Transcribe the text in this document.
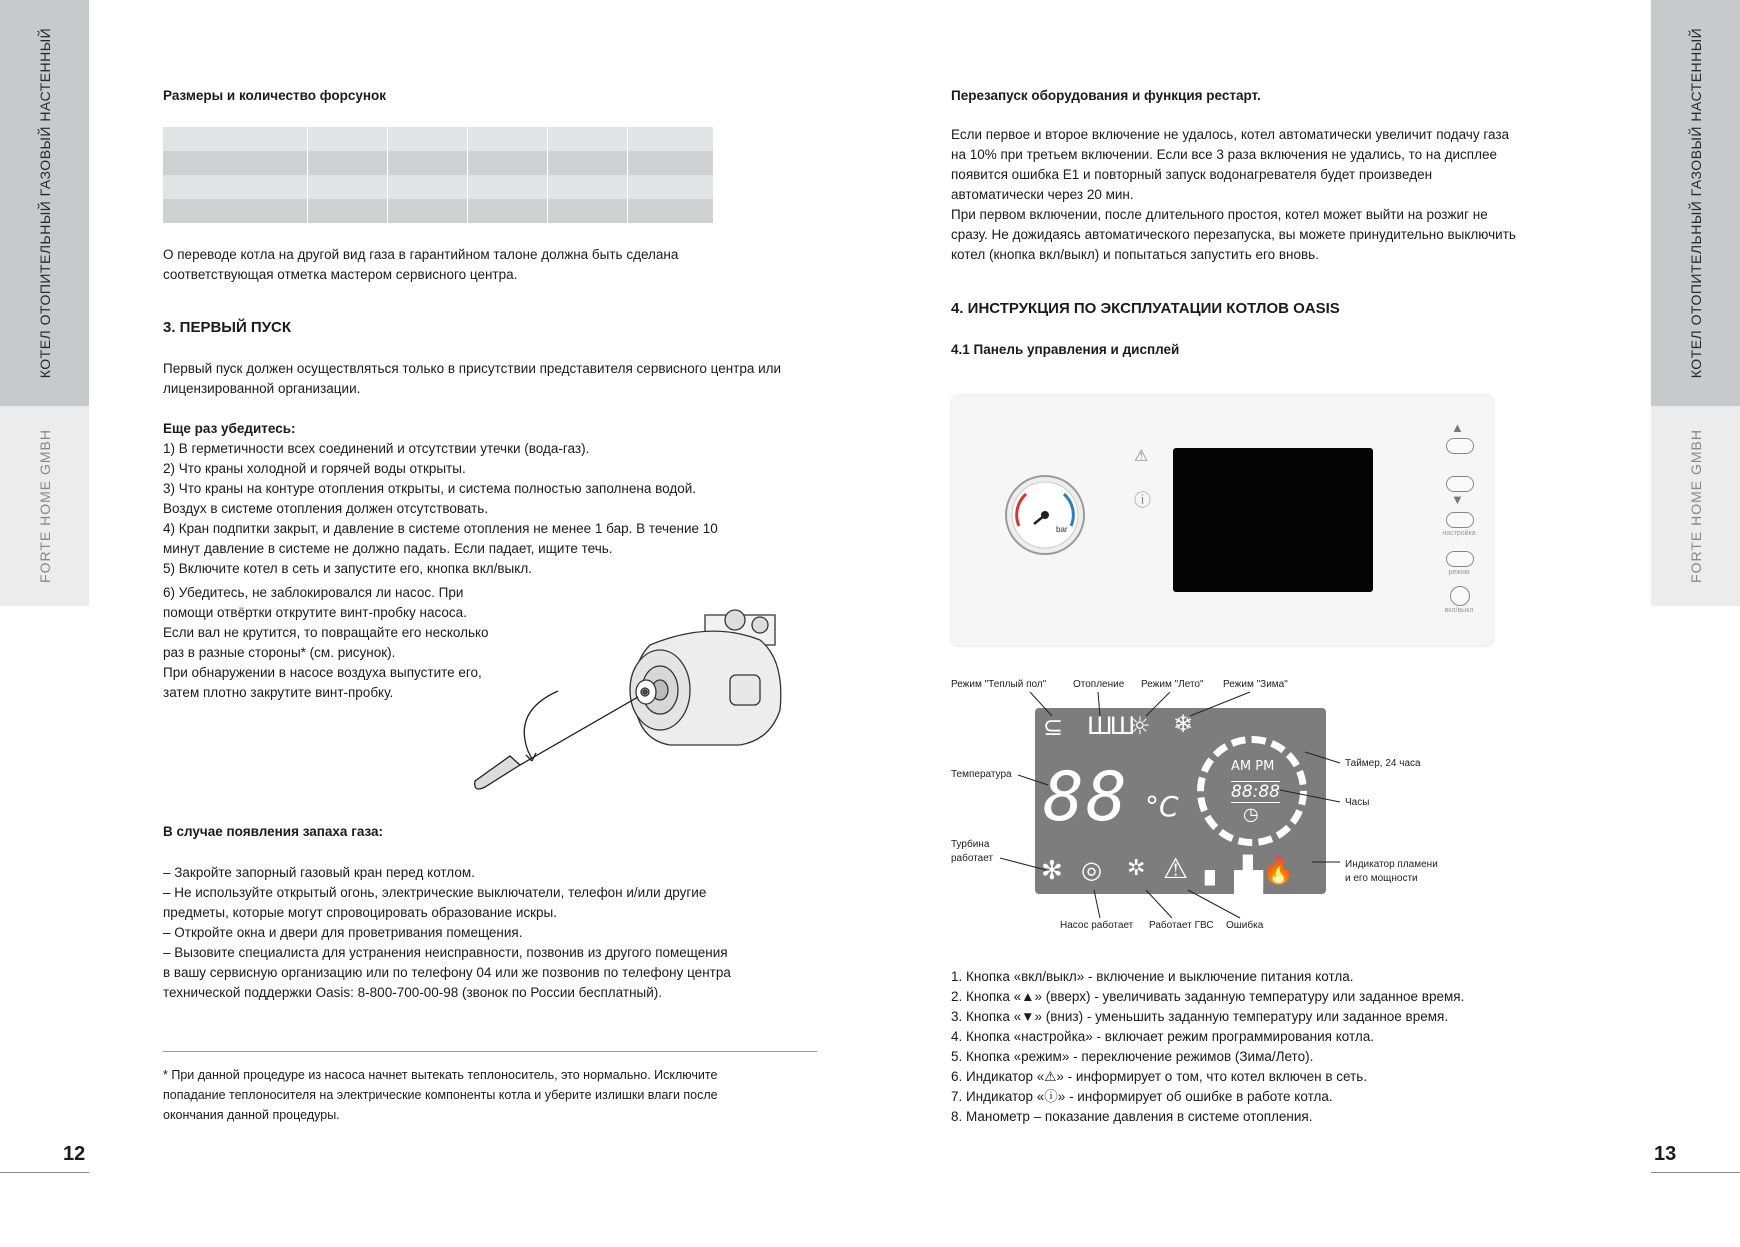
КОТЕЛ ОТОПИТЕЛЬНЫЙ ГАЗОВЫЙ НАСТЕННЫЙ
FORTE HOME GMBH
12
КОТЕЛ ОТОПИТЕЛЬНЫЙ ГАЗОВЫЙ НАСТЕННЫЙ
FORTE HOME GMBH
13
Размеры и количество форсунок

О переводе котла на другой вид газа в гарантийном талоне должна быть сделана соответствующая отметка мастером сервисного центра.
3. ПЕРВЫЙ ПУСК
Первый пуск должен осуществляться только в присутствии представителя сервисного центра или лицензированной организации.

Еще раз убедитесь:

1) В герметичности всех соединений и отсутствии утечки (вода-газ).

2) Что краны холодной и горячей воды открыты.

3) Что краны на контуре отопления открыты, и система полностью заполнена водой.

Воздух в системе отопления должен отсутствовать.

4) Кран подпитки закрыт, и давление в системе отопления не менее 1 бар. В течение 10

минут давление в системе не должно падать. Если падает, ищите течь.

5) Включите котел в сеть и запустите его, кнопка вкл/выкл.

6) Убедитесь, не заблокировался ли насос. При

помощи отвёртки открутите винт-пробку насоса.

Если вал не крутится, то повращайте его несколько

раз в разные стороны* (см. рисунок).

При обнаружении в насосе воздуха выпустите его,

затем плотно закрутите винт-пробку.

В случае появления запаха газа:

– Закройте запорный газовый кран перед котлом.

– Не используйте открытый огонь, электрические выключатели, телефон и/или другие

предметы, которые могут спровоцировать образование искры.

– Откройте окна и двери для проветривания помещения.

– Вызовите специалиста для устранения неисправности, позвонив из другого помещения

в вашу сервисную организацию или по телефону 04 или же позвонив по телефону центра

технической поддержки Oasis: 8-800-700-00-98 (звонок по России бесплатный).

* При данной процедуре из насоса начнет вытекать теплоноситель, это нормально. Исключите

попадание теплоносителя на электрические компоненты котла и уберите излишки влаги после

окончания данной процедуры.

Перезапуск оборудования и функция рестарт.

Если первое и второе включение не удалось, котел автоматически увеличит подачу газа

на 10% при третьем включении. Если все 3 раза включения не удались, то на дисплее

появится ошибка Е1 и повторный запуск водонагревателя будет произведен

автоматически через 20 мин.

При первом включении, после длительного простоя, котел может выйти на розжиг не

сразу. Не дожидаясь автоматического перезапуска, вы можете принудительно выключить

котел (кнопка вкл/выкл) и попытаться запустить его вновь.

4. ИНСТРУКЦИЯ ПО ЭКСПЛУАТАЦИИ КОТЛОВ OASIS
4.1 Панель управления и дисплей
bar
⚠
ⓘ
▲
▼
настройка
режим
вкл/выкл
⊆ ШШ
☼ ❄
88 °C
AM PM
88:88
◷
✻ ◎ ✲ ⚠ ▖▗▙🔥▗▟█
Режим "Теплый пол"	Отопление Режим "Лето" Режим "Зима"
Таймер, 24 часа
Температура
Часы
Турбина
работает
Индикатор пламени
и его мощности
Насос работает Работает ГВС Ошибка

1. Кнопка «вкл/выкл» - включение и выключение питания котла.

2. Кнопка «▲» (вверх) - увеличивать заданную температуру или заданное время.

3. Кнопка «▼» (вниз) - уменьшить заданную температуру или заданное время.

4. Кнопка «настройка» - включает режим программирования котла.

5. Кнопка «режим» - переключение режимов (Зима/Лето).

6. Индикатор «⚠» - информирует о том, что котел включен в сеть.

7. Индикатор «ⓘ» - информирует об ошибке в работе котла.

8. Манометр – показание давления в системе отопления.
